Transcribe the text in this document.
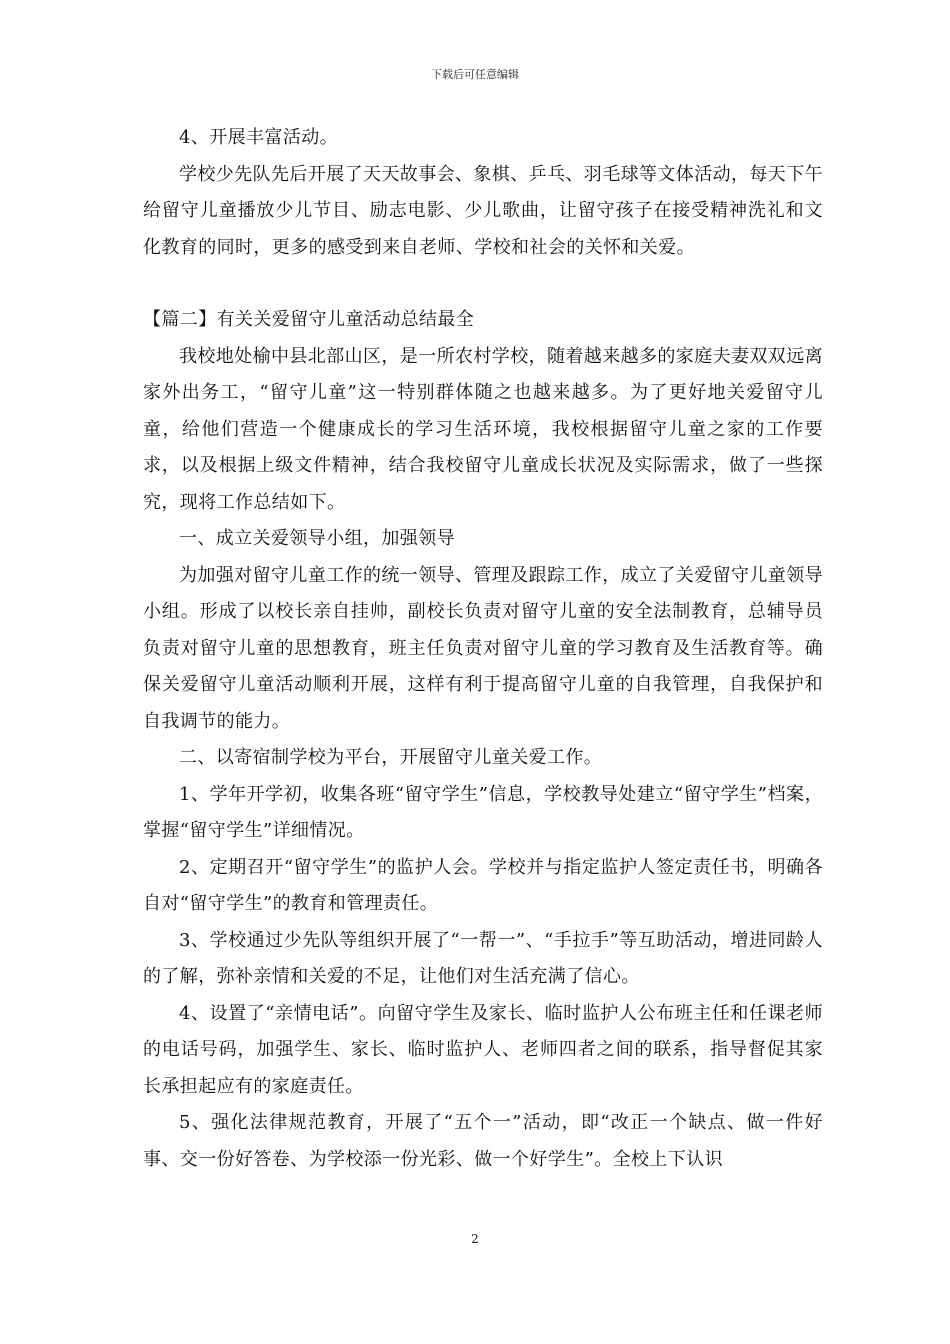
下载后可任意编辑

4、开展丰富活动。

学校少先队先后开展了天天故事会、象棋、乒乓、羽毛球等文体活动，每天下午给留守儿童播放少儿节目、励志电影、少儿歌曲，让留守孩子在接受精神洗礼和文化教育的同时，更多的感受到来自老师、学校和社会的关怀和关爱。

【篇二】有关关爱留守儿童活动总结最全

我校地处榆中县北部山区，是一所农村学校，随着越来越多的家庭夫妻双双远离家外出务工，“留守儿童”这一特别群体随之也越来越多。为了更好地关爱留守儿童，给他们营造一个健康成长的学习生活环境，我校根据留守儿童之家的工作要求，以及根据上级文件精神，结合我校留守儿童成长状况及实际需求，做了一些探究，现将工作总结如下。

一、成立关爱领导小组，加强领导

为加强对留守儿童工作的统一领导、管理及跟踪工作，成立了关爱留守儿童领导小组。形成了以校长亲自挂帅，副校长负责对留守儿童的安全法制教育，总辅导员负责对留守儿童的思想教育，班主任负责对留守儿童的学习教育及生活教育等。确保关爱留守儿童活动顺利开展，这样有利于提高留守儿童的自我管理，自我保护和自我调节的能力。

二、以寄宿制学校为平台，开展留守儿童关爱工作。

1、学年开学初，收集各班“留守学生”信息，学校教导处建立“留守学生”档案，掌握“留守学生”详细情况。

2、定期召开“留守学生”的监护人会。学校并与指定监护人签定责任书，明确各自对“留守学生”的教育和管理责任。

3、学校通过少先队等组织开展了“一帮一”、“手拉手”等互助活动，增进同龄人的了解，弥补亲情和关爱的不足，让他们对生活充满了信心。

4、设置了“亲情电话”。向留守学生及家长、临时监护人公布班主任和任课老师的电话号码，加强学生、家长、临时监护人、老师四者之间的联系，指导督促其家长承担起应有的家庭责任。

5、强化法律规范教育，开展了“五个一”活动，即“改正一个缺点、做一件好事、交一份好答卷、为学校添一份光彩、做一个好学生”。全校上下认识

2
